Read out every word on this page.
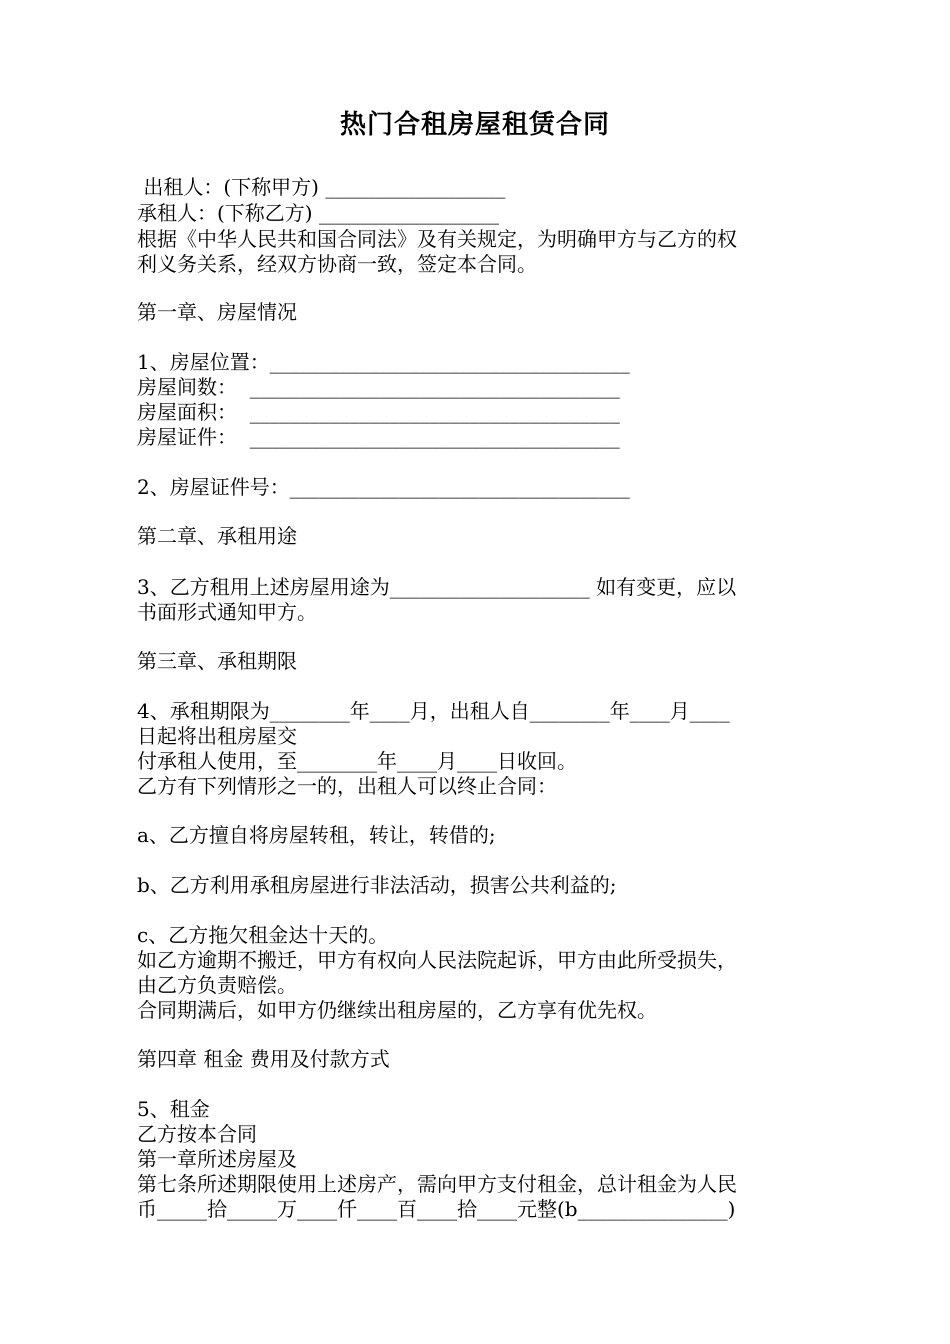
热门合租房屋租赁合同
出租人：(下称甲方) __________________
承租人：(下称乙方) __________________
根据《中华人民共和国合同法》及有关规定，为明确甲方与乙方的权
利义务关系，经双方协商一致，签定本合同。
第一章、房屋情况
1、房屋位置：____________________________________
房屋间数：  _____________________________________
房屋面积：  _____________________________________
房屋证件：  _____________________________________
2、房屋证件号：__________________________________
第二章、承租用途
3、乙方租用上述房屋用途为____________________ 如有变更，应以
书面形式通知甲方。
第三章、承租期限
4、承租期限为________年____月，出租人自________年____月____
日起将出租房屋交
付承租人使用，至________年____月____日收回。
乙方有下列情形之一的，出租人可以终止合同：
a、乙方擅自将房屋转租，转让，转借的;
b、乙方利用承租房屋进行非法活动，损害公共利益的;
c、乙方拖欠租金达十天的。
如乙方逾期不搬迁，甲方有权向人民法院起诉，甲方由此所受损失，
由乙方负责赔偿。
合同期满后，如甲方仍继续出租房屋的，乙方享有优先权。
第四章 租金 费用及付款方式
5、租金
乙方按本合同
第一章所述房屋及
第七条所述期限使用上述房产，需向甲方支付租金，总计租金为人民
币_____拾_____万____仟____百____拾____元整(b_______________)
